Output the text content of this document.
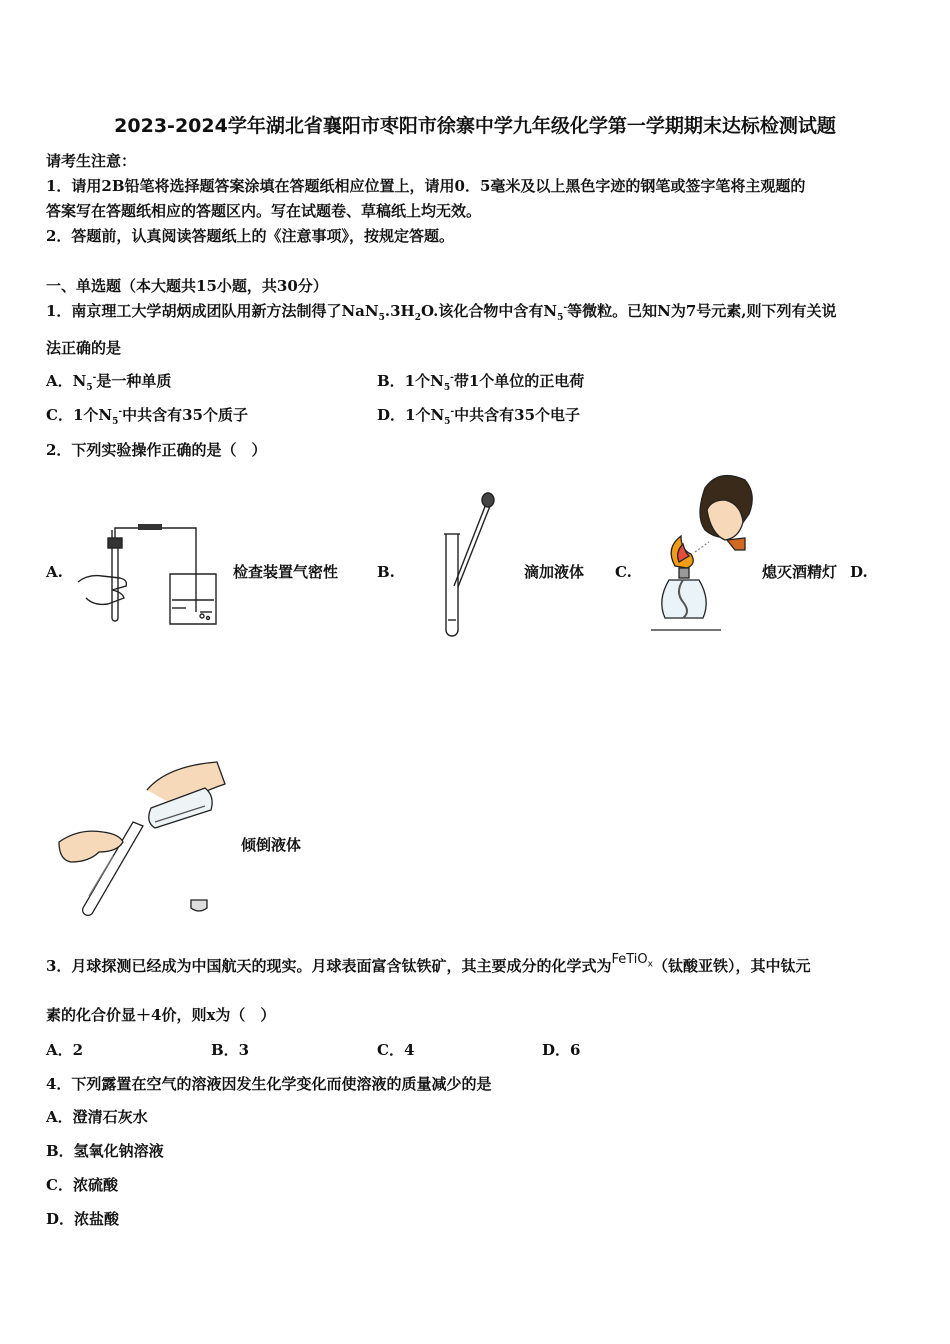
2023-2024学年湖北省襄阳市枣阳市徐寨中学九年级化学第一学期期末达标检测试题
请考生注意：
1．请用2B铅笔将选择题答案涂填在答题纸相应位置上，请用0．5毫米及以上黑色字迹的钢笔或签字笔将主观题的
答案写在答题纸相应的答题区内。写在试题卷、草稿纸上均无效。
2．答题前，认真阅读答题纸上的《注意事项》，按规定答题。
一、单选题（本大题共15小题，共30分）
1．南京理工大学胡炳成团队用新方法制得了$NaN_5.3H_2O$.该化合物中含有$N_5^-$等微粒。已知N为7号元素,则下列有关说
法正确的是
A．$N_5^-$是一种单质	B．1个$N_5^-$带1个单位的正电荷
C．1个$N_5^-$中共含有35个质子	D．1个$N_5^-$中共含有35个电子
2．下列实验操作正确的是（　）
A.	检查装置气密性	B.	滴加液体 C.	熄灭酒精灯 D.
倾倒液体
3．月球探测已经成为中国航天的现实。月球表面富含钛铁矿，其主要成分的化学式为FeTiO$_x$（钛酸亚铁），其中钛元
素的化合价显＋4价，则x为（　）
A．2	B．3	C．4	D．6
4．下列露置在空气的溶液因发生化学变化而使溶液的质量减少的是
A．澄清石灰水
B．氢氧化钠溶液
C．浓硫酸
D．浓盐酸
